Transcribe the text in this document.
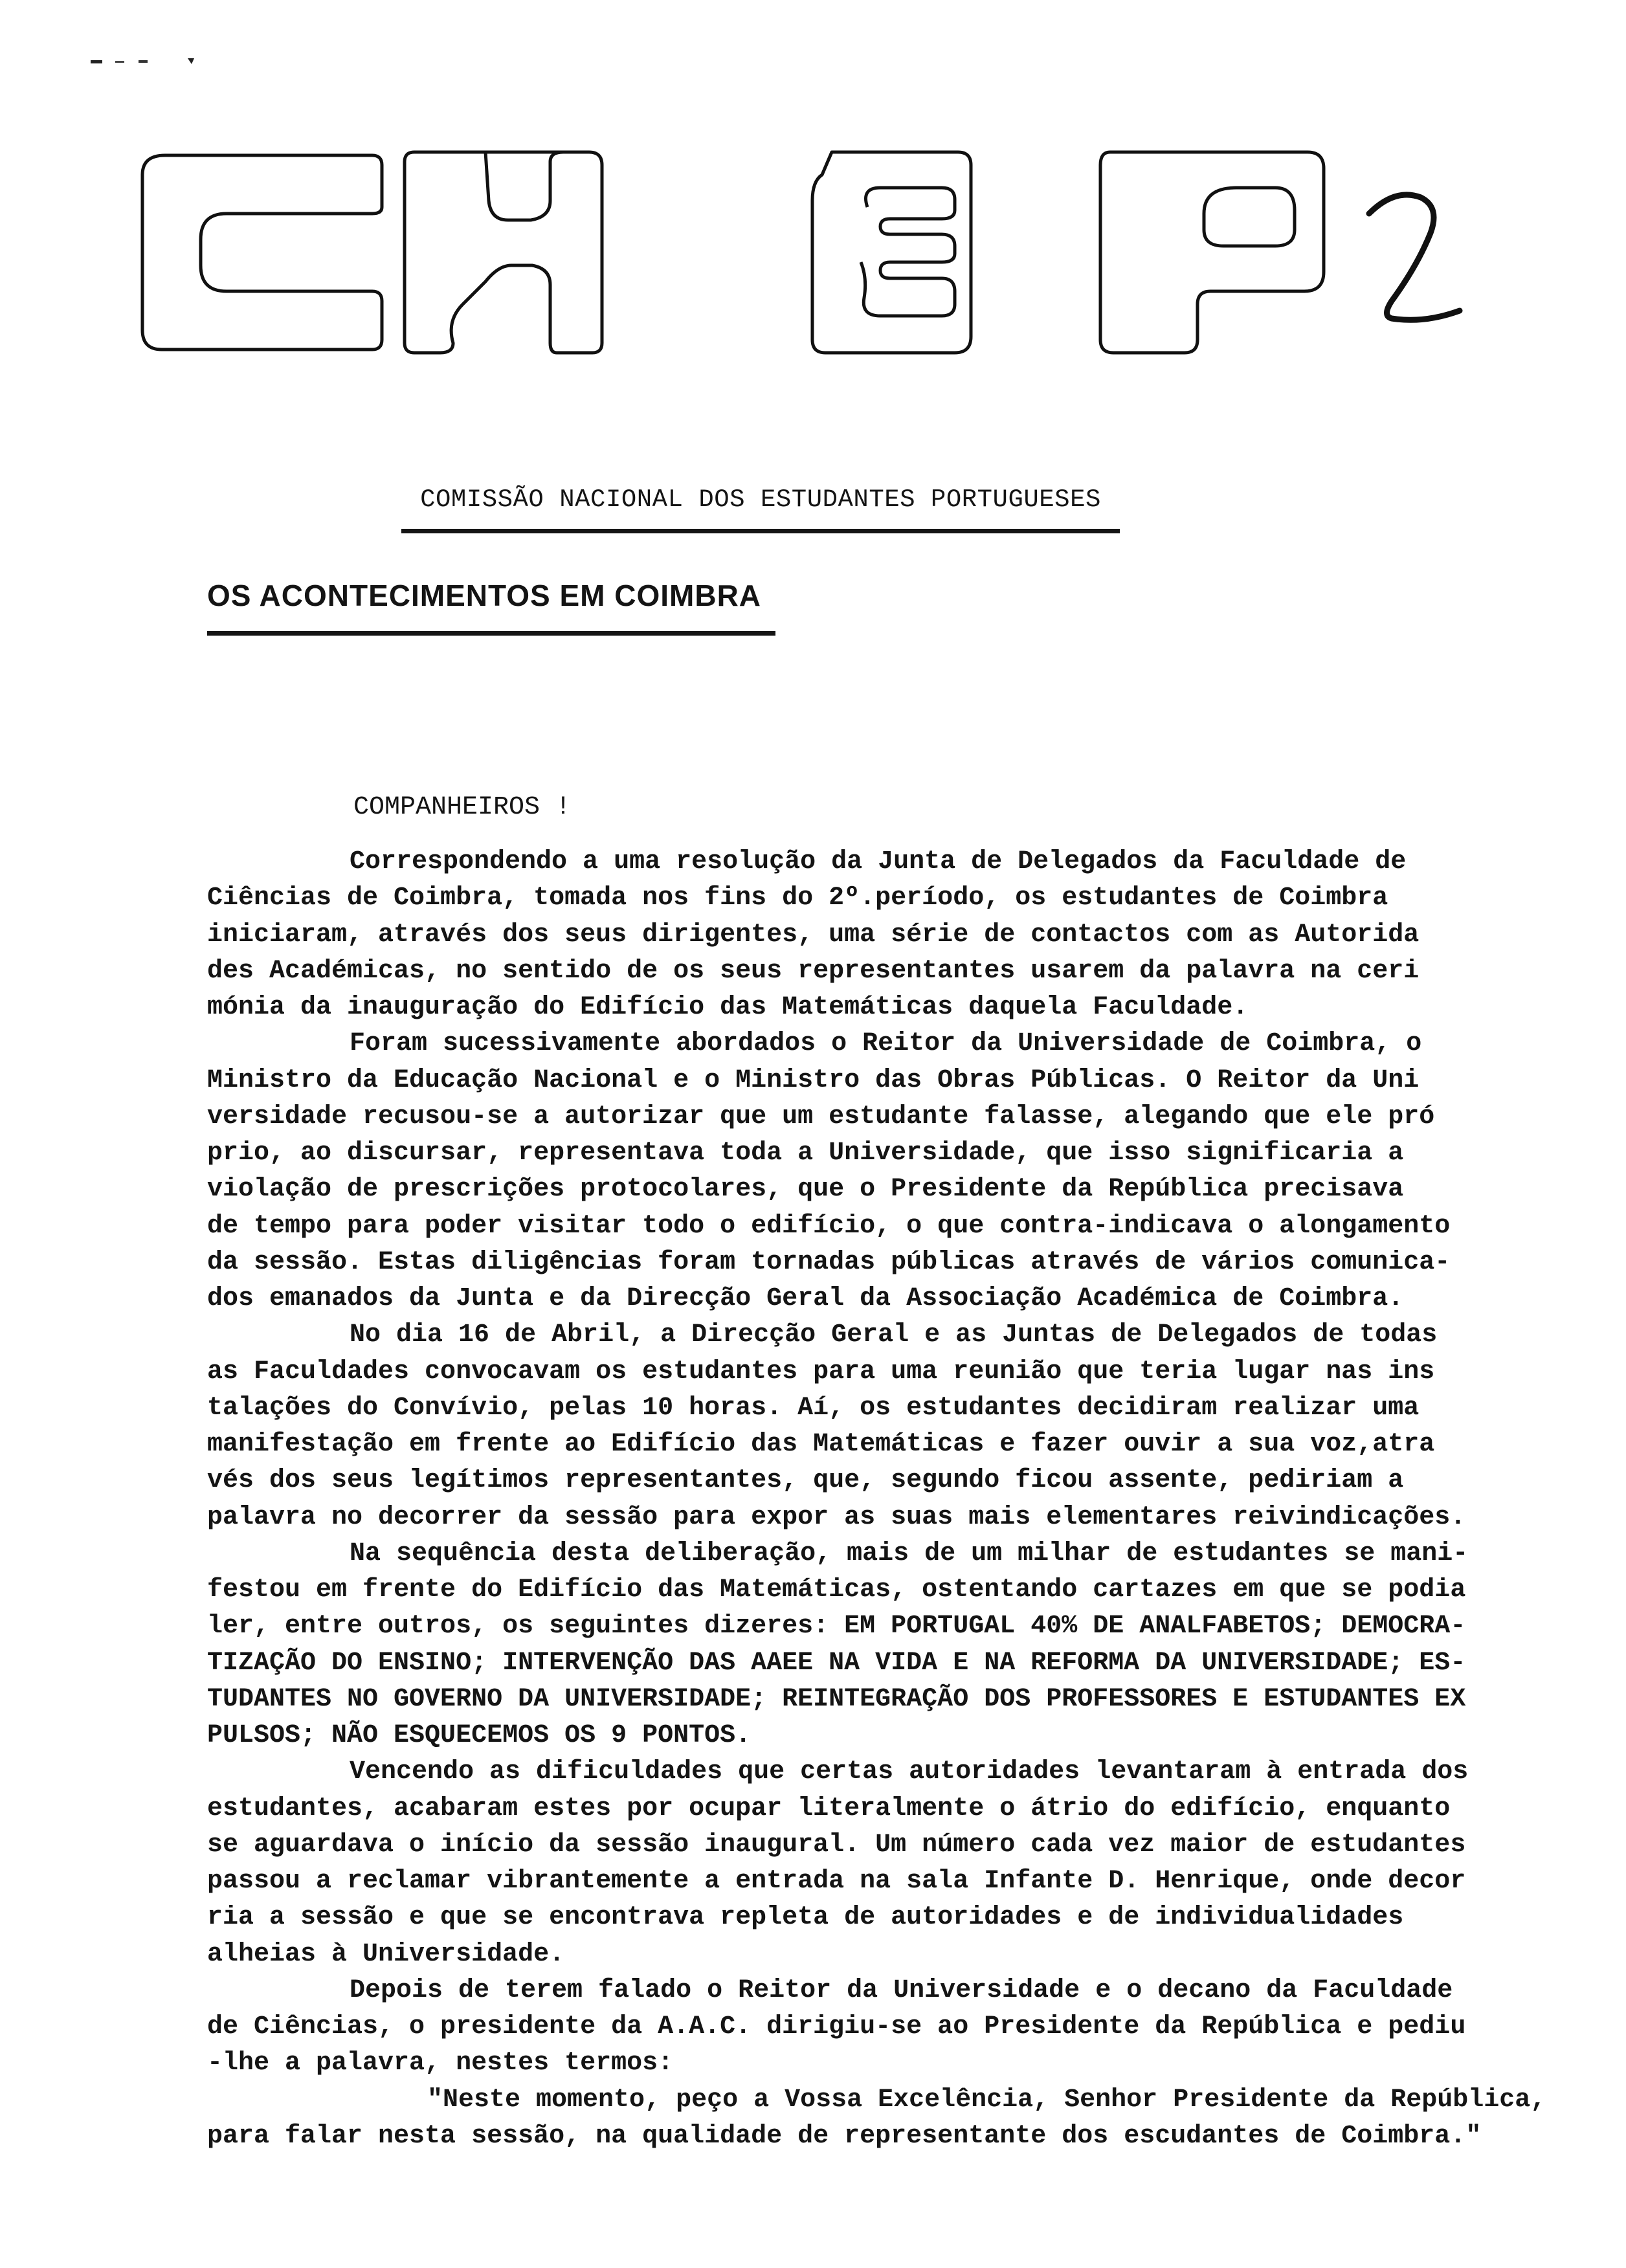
2
COMISSÃO NACIONAL DOS ESTUDANTES PORTUGUESES
OS ACONTECIMENTOS EM COIMBRA
COMPANHEIROS !
Correspondendo a uma resolução da Junta de Delegados da Faculdade de
Ciências de Coimbra, tomada nos fins do 2º.período, os estudantes de Coimbra
iniciaram, através dos seus dirigentes, uma série de contactos com as Autorida
des Académicas, no sentido de os seus representantes usarem da palavra na ceri
mónia da inauguração do Edifício das Matemáticas daquela Faculdade.
Foram sucessivamente abordados o Reitor da Universidade de Coimbra, o
Ministro da Educação Nacional e o Ministro das Obras Públicas. O Reitor da Uni
versidade recusou-se a autorizar que um estudante falasse, alegando que ele pró
prio, ao discursar, representava toda a Universidade, que isso significaria a
violação de prescrições protocolares, que o Presidente da República precisava
de tempo para poder visitar todo o edifício, o que contra-indicava o alongamento
da sessão. Estas diligências foram tornadas públicas através de vários comunica-
dos emanados da Junta e da Direcção Geral da Associação Académica de Coimbra.
No dia 16 de Abril, a Direcção Geral e as Juntas de Delegados de todas
as Faculdades convocavam os estudantes para uma reunião que teria lugar nas ins
talações do Convívio, pelas 10 horas. Aí, os estudantes decidiram realizar uma
manifestação em frente ao Edifício das Matemáticas e fazer ouvir a sua voz,atra
vés dos seus legítimos representantes, que, segundo ficou assente, pediriam a
palavra no decorrer da sessão para expor as suas mais elementares reivindicações.
Na sequência desta deliberação, mais de um milhar de estudantes se mani-
festou em frente do Edifício das Matemáticas, ostentando cartazes em que se podia
ler, entre outros, os seguintes dizeres: EM PORTUGAL 40% DE ANALFABETOS; DEMOCRA-
TIZAÇÃO DO ENSINO; INTERVENÇÃO DAS AAEE NA VIDA E NA REFORMA DA UNIVERSIDADE; ES-
TUDANTES NO GOVERNO DA UNIVERSIDADE; REINTEGRAÇÃO DOS PROFESSORES E ESTUDANTES EX
PULSOS; NÃO ESQUECEMOS OS 9 PONTOS.
Vencendo as dificuldades que certas autoridades levantaram à entrada dos
estudantes, acabaram estes por ocupar literalmente o átrio do edifício, enquanto
se aguardava o início da sessão inaugural. Um número cada vez maior de estudantes
passou a reclamar vibrantemente a entrada na sala Infante D. Henrique, onde decor
ria a sessão e que se encontrava repleta de autoridades e de individualidades
alheias à Universidade.
Depois de terem falado o Reitor da Universidade e o decano da Faculdade
de Ciências, o presidente da A.A.C. dirigiu-se ao Presidente da República e pediu
-lhe a palavra, nestes termos:
"Neste momento, peço a Vossa Excelência, Senhor Presidente da República,
para falar nesta sessão, na qualidade de representante dos escudantes de Coimbra."
